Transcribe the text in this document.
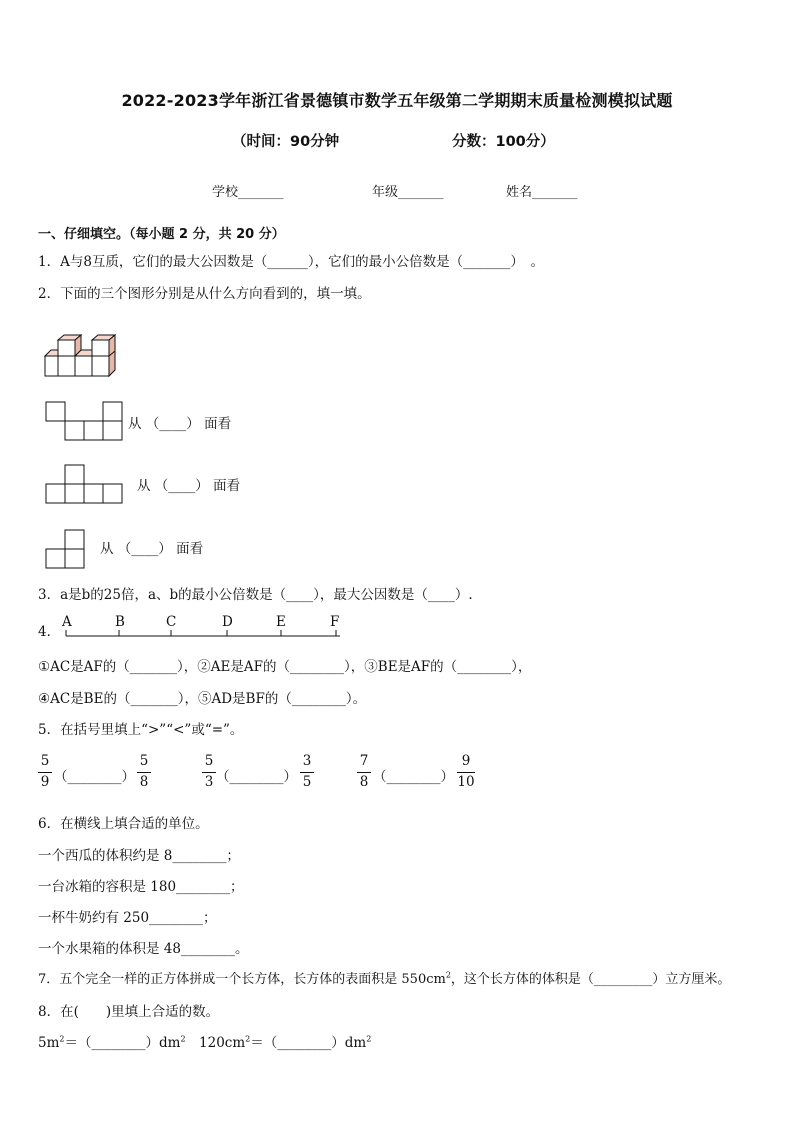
2022-2023学年浙江省景德镇市数学五年级第二学期期末质量检测模拟试题
（时间：90分钟	分数：100分）
学校_______	年级_______	姓名_______
一、仔细填空。（每小题 2 分，共 20 分）
1．A与8互质，它们的最大公因数是（______），它们的最小公倍数是（_______）　。
2．下面的三个图形分别是从什么方向看到的，填一填。
从 （____） 面看
从 （____） 面看
从 （____） 面看
3．a是b的25倍，a、b的最小公倍数是（____），最大公因数是（____）.
4．
A	B	C	D	E	F
①AC是AF的（_______），②AE是AF的（________），③BE是AF的（________），
④AC是BE的（_______），⑤AD是BF的（________）。
5．在括号里填上“>”“<”或“=”。
5
9 （________）
5
8
5
3 （________）
3
5
7
8 （________）
9
10
6．在横线上填合适的单位。
一个西瓜的体积约是 8________；
一台冰箱的容积是 180________；
一杯牛奶约有 250________；
一个水果箱的体积是 48________。
7．五个完全一样的正方体拼成一个长方体，长方体的表面积是 $550cm^2$，这个长方体的体积是（_________）立方厘米。
8．在(　　)里填上合适的数。
$5m^2=(\_\_\_\_\_\_\_\_)dm^2$　$120cm^2=(\_\_\_\_\_\_\_\_)dm^2$
